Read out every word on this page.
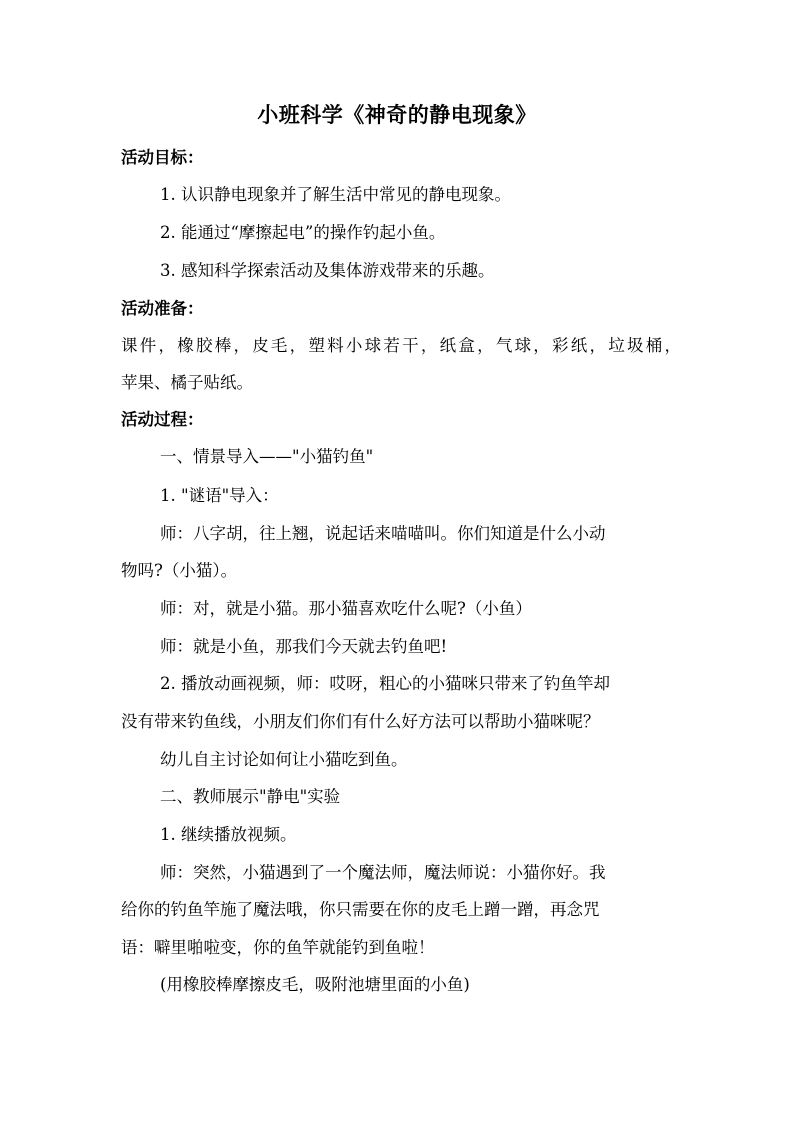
小班科学《神奇的静电现象》
活动目标：
1. 认识静电现象并了解生活中常见的静电现象。
2. 能通过“摩擦起电”的操作钓起小鱼。
3. 感知科学探索活动及集体游戏带来的乐趣。
活动准备：
课件，橡胶棒，皮毛，塑料小球若干，纸盒，气球，彩纸，垃圾桶，
苹果、橘子贴纸。
活动过程：
一、情景导入——"小猫钓鱼"
1. "谜语"导入：
师：八字胡，往上翘，说起话来喵喵叫。你们知道是什么小动
物吗?（小猫）。
师：对，就是小猫。那小猫喜欢吃什么呢?（小鱼）
师：就是小鱼，那我们今天就去钓鱼吧!
2. 播放动画视频，师：哎呀，粗心的小猫咪只带来了钓鱼竿却
没有带来钓鱼线，小朋友们你们有什么好方法可以帮助小猫咪呢？
幼儿自主讨论如何让小猫吃到鱼。
二、教师展示"静电"实验
1. 继续播放视频。
师：突然，小猫遇到了一个魔法师，魔法师说：小猫你好。我
给你的钓鱼竿施了魔法哦，你只需要在你的皮毛上蹭一蹭，再念咒
语：噼里啪啦变，你的鱼竿就能钓到鱼啦！
(用橡胶棒摩擦皮毛，吸附池塘里面的小鱼)
